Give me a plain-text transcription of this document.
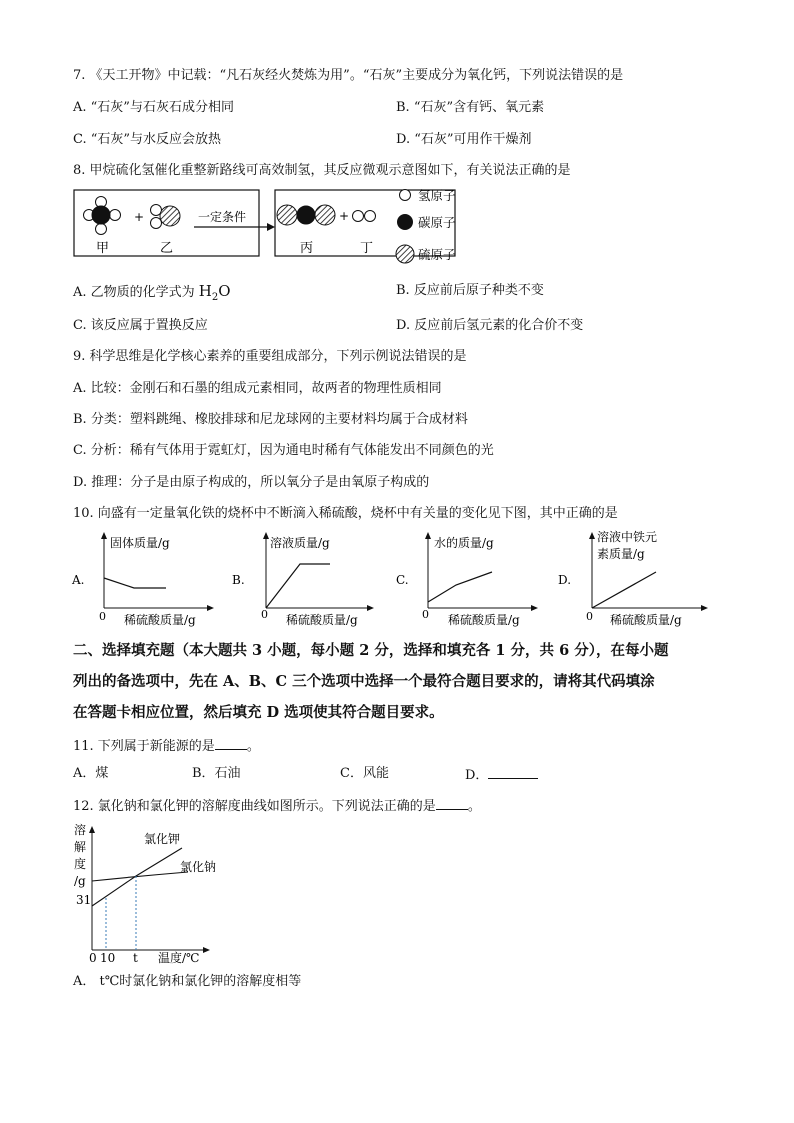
7. 《天工开物》中记载：“凡石灰经火焚炼为用”。“石灰”主要成分为氧化钙，下列说法错误的是
A. “石灰”与石灰石成分相同	B. “石灰”含有钙、氧元素
C. “石灰”与水反应会放热	D. “石灰”可用作干燥剂
8. 甲烷硫化氢催化重整新路线可高效制氢，其反应微观示意图如下，有关说法正确的是
+
甲	乙
一定条件	+
丙	丁
氢原子
碳原子
硫原子
A. 乙物质的化学式为 $H_2O$	B. 反应前后原子种类不变
C. 该反应属于置换反应	D. 反应前后氢元素的化合价不变
9. 科学思维是化学核心素养的重要组成部分，下列示例说法错误的是
A. 比较：金刚石和石墨的组成元素相同，故两者的物理性质相同
B. 分类：塑料跳绳、橡胶排球和尼龙球网的主要材料均属于合成材料
C. 分析：稀有气体用于霓虹灯，因为通电时稀有气体能发出不同颜色的光
D. 推理：分子是由原子构成的，所以氧分子是由氧原子构成的
10. 向盛有一定量氧化铁的烧杯中不断滴入稀硫酸，烧杯中有关量的变化见下图，其中正确的是
A.
固体质量/g
稀硫酸质量/g
0
B.
溶液质量/g
稀硫酸质量/g
0
C.
水的质量/g
稀硫酸质量/g
0
D.
溶液中铁元
素质量/g
稀硫酸质量/g
0
二、选择填充题（本大题共 3 小题，每小题 2 分，选择和填充各 1 分，共 6 分），在每小题
列出的备选项中，先在 A、B、C 三个选项中选择一个最符合题目要求的，请将其代码填涂
在答题卡相应位置，然后填充 D 选项使其符合题目要求。
11. 下列属于新能源的是 。
A．煤	B．石油	C．风能	D．
12. 氯化钠和氯化钾的溶解度曲线如图所示。下列说法正确的是 。
溶
解
度
/g
31
氯化钾
氯化钠
0 10 t 温度/℃
A． t℃时氯化钠和氯化钾的溶解度相等
